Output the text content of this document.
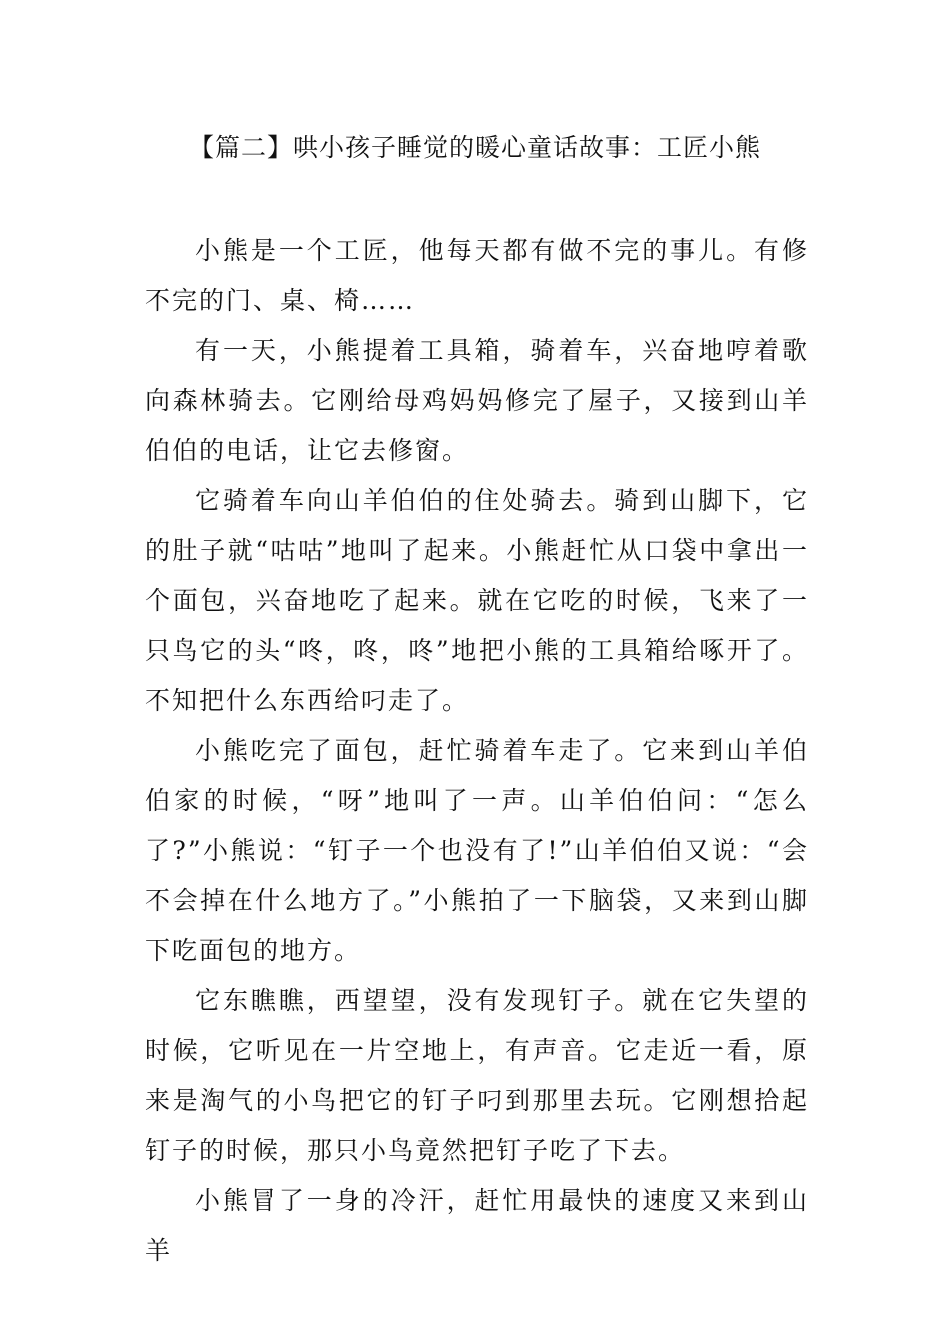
【篇二】哄小孩子睡觉的暖心童话故事：工匠小熊

小熊是一个工匠，他每天都有做不完的事儿。有修不完的门、桌、椅……

有一天，小熊提着工具箱，骑着车，兴奋地哼着歌向森林骑去。它刚给母鸡妈妈修完了屋子，又接到山羊伯伯的电话，让它去修窗。

它骑着车向山羊伯伯的住处骑去。骑到山脚下，它的肚子就“咕咕”地叫了起来。小熊赶忙从口袋中拿出一个面包，兴奋地吃了起来。就在它吃的时候，飞来了一只鸟它的头“咚，咚，咚”地把小熊的工具箱给啄开了。不知把什么东西给叼走了。

小熊吃完了面包，赶忙骑着车走了。它来到山羊伯伯家的时候，“呀”地叫了一声。山羊伯伯问：“怎么了?”小熊说：“钉子一个也没有了!”山羊伯伯又说：“会不会掉在什么地方了。”小熊拍了一下脑袋，又来到山脚下吃面包的地方。

它东瞧瞧，西望望，没有发现钉子。就在它失望的时候，它听见在一片空地上，有声音。它走近一看，原来是淘气的小鸟把它的钉子叼到那里去玩。它刚想拾起钉子的时候，那只小鸟竟然把钉子吃了下去。

小熊冒了一身的冷汗，赶忙用最快的速度又来到山羊
